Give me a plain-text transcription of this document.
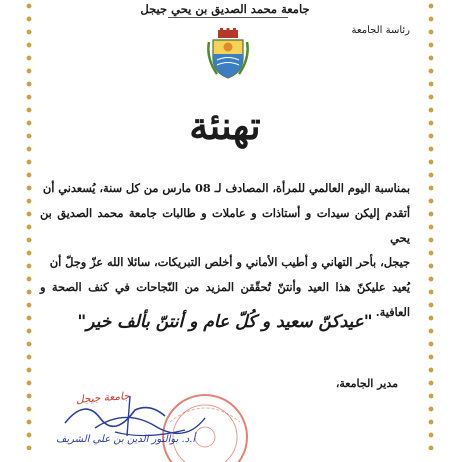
جامعة محمد الصديق بن يحي جيجل
رئاسة الجامعة
تهنئة

بمناسبة اليوم العالمي للمرأة، المصادف لـ 08 مارس من كل سنة، يُسعدني أن

أتقدم إليكن سيدات و أستاذات و عاملات و طالبات جامعة محمد الصديق بن يحي

جيجل، بأحر التهاني و أطيب الأماني و أخلص التبريكات، سائلا الله عزّ وجلّ أن

يُعيد عليكنّ هذا العيد وأنتنّ تُحقّقن المزيد من النّجاحات في كنف الصحة و العافية.

"عيدكنّ سعيد و كُلّ عام و أنتنّ بألف خير"
مدير الجامعة،
جامعة جيجل
أ.د. بوالنور الدين بن علي الشريف
